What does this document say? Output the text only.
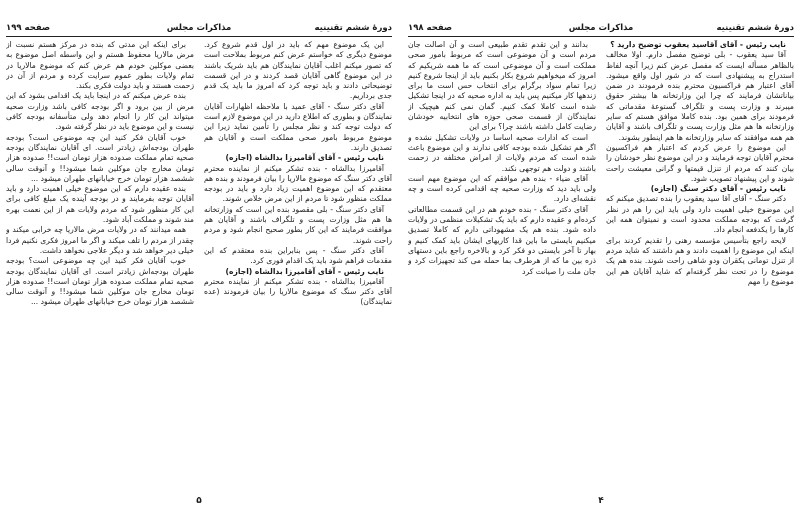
دورهٔ ششم تقنینیه
مذاکرات مجلس
صفحه ۱۹۹

این یک موضوع مهم که باید در اول قدم شروع کرد. موضوع دیگری که خواستم عرض کنم مربوط بملاحت است که تصور میکنم اغلب آقایان نمایندگان هم باید شریک باشند در این موضوع گاهی آقایان قصد کردند و در این قسمت توضیحاتی دادند و باید توجه کرد که امروز ما باید یک قدم جدی برداریم.

آقای دکتر سنگ - آقای عمید با ملاحظه اظهارات آقایان نمایندگان و بطوری که اطلاع دارید در این موضوع لازم است که دولت توجه کند و نظر مجلس را تأمین نماید زیرا این موضوع مربوط بامور صحی مملکت است و آقایان هم تصدیق دارند.

نایب رئیس - آقای آقامیرزا بدالشاه (اجازه)

آقامیرزا بدالشاه - بنده تشکر میکنم از نماینده محترم آقای دکتر سنگ که موضوع مالاریا را بیان فرمودند و بنده هم معتقدم که این موضوع اهمیت زیاد دارد و باید در بودجه مملکت منظور شود تا مردم از این مرض خلاص شوند.

آقای دکتر سنگ - بلی مقصود بنده این است که وزارتخانه ها هم مثل وزارت پست و تلگراف باشند و آقایان هم موافقت فرمایند که این کار بطور صحیح انجام شود و مردم راحت شوند.

آقای دکتر سنگ - پس بنابراین بنده معتقدم که این مقدمات فراهم شود باید یک اقدام فوری کرد.

نایب رئیس - آقای آقامیرزا بدالشاه (اجازه)

آقامیرزا بدالشاه - بنده تشکر میکنم از نماینده محترم آقای دکتر سنگ که موضوع مالاریا را بیان فرمودند (عده نمایندگان)

برای اینکه این مدتی که بنده در مرکز هستم نسبت از مرض مالاریا محفوظ هستم و این واسطه اصل موضوع به بعضی موکلین خودم هم عرض کنم که موضوع مالاریا در تمام ولایات بطور عموم سرایت کرده و مردم از آن در زحمت هستند و باید دولت فکری بکند.

بنده عرض میکنم که در اینجا باید یک اقدامی بشود که این مرض از بین برود و اگر بودجه کافی باشد وزارت صحیه میتواند این کار را انجام دهد ولی متأسفانه بودجه کافی نیست و این موضوع باید در نظر گرفته شود.

خوب آقایان فکر کنید این چه موضوعی است؟ بودجه طهران بودجه‌اش زیادتر است. ای آقایان نمایندگان بودجه صحیه تمام مملکت صدوده هزار تومان است!! صدوده هزار تومان مخارج جان موکلین شما میشود!! و آنوقت سالی ششصد هزار تومان خرج خیابانهای طهران میشود ...

بنده عقیده دارم که این موضوع خیلی اهمیت دارد و باید آقایان توجه بفرمایند و در بودجه آینده یک مبلغ کافی برای این کار منظور شود که مردم ولایات هم از این نعمت بهره مند شوند و مملکت آباد شود.

همه میدانند که در ولایات مرض مالاریا چه خرابی میکند و چقدر از مردم را تلف میکند و اگر ما امروز فکری نکنیم فردا خیلی دیر خواهد شد و دیگر علاجی نخواهد داشت.

خوب آقایان فکر کنید این چه موضوعی است؟ بودجه طهران بودجه‌اش زیادتر است. ای آقایان نمایندگان بودجه صحیه تمام مملکت صدوده هزار تومان است!! صدوده هزار تومان مخارج جان موکلین شما میشود!! و آنوقت سالی ششصد هزار تومان خرج خیابانهای طهران میشود ...

۵
دورهٔ ششم تقنینیه
مذاکرات مجلس
صفحه ۱۹۸

نایب رئیس - آقای آقاسید یعقوب توضیح دارید ؟

آقا سید یعقوب - بلی توضیح مفصل دارم. اولا مخالف بالظاهر مسأله ایست که مفصل عرض کنم زیرا آنچه لفاظ استدراج به پیشنهادی است که در شور اول واقع میشود. آقای اعتبار هم فراکسیون محترم بنده فرمودند در ضمن بیاناتشان فرمایند که چرا این وزارتخانه ها بیشتر حقوق میبرند و وزارت پست و تلگراف گستوعهٔ مقدماتی که فرمودند برای همین بود. بنده کاملا موافق هستم که سایر وزارتخانه ها هم مثل وزارت پست و تلگراف باشند و آقایان هم همه موافقند که سایر وزارتخانه ها هم اینطور بشوند.

این موضوع را عرض کردم که اعتبار هم فراکسیون محترم آقایان توجه فرمایند و در این موضوع نظر خودشان را بیان کنند که مردم از تنزل قیمتها و گرانی معیشت راحت شوند و این پیشنهاد تصویب شود.

نایب رئیس - آقای دکتر سنگ (اجازه)

دکتر سنگ - آقای آقا سید یعقوب را بنده تصدیق میکنم که این موضوع خیلی اهمیت دارد ولی باید این را هم در نظر گرفت که بودجه مملکت محدود است و نمیتوان همه این کارها را یکدفعه انجام داد.

لایحه راجع بتأسیس مؤسسه رهنی را تقدیم کردند برای اینکه این موضوع را اهمیت دادند و هم داشتند که شاید مردم از تنزل تومانی یکقران ودو شاهی راحت شوند. بنده هم یک موضوع را در تحت نظر گرفته‌ام که شاید آقایان هم این موضوع را مهم

بدانند و این تقدم تقدم طبیعی است و آن اصالت جان مردم است و آن موضوعی است که مربوط بامور صحی مملکت است و آن موضوعی است که ما همه شریکیم که امروز که میخواهیم شروع بکار بکنیم باید از اینجا شروع کنیم زیرا تمام سواد برگرام برای انتخاب حس است ما برای زندهها کار میکنیم پس باید به اداره صحیه که در اینجا تشکیل شده است کاملا کمک کنیم. گمان نمی کنم هیچیک از نمایندگان از قسمت صحی حوزه های انتخابیه خودشان رضایت کامل داشته باشند چرا؟ برای این

است که ادارات صحیه اساسا در ولایات تشکیل نشده و اگر هم تشکیل شده بودجه کافی ندارند و این موضوع باعث شده است که مردم ولایات از امراض مختلفه در زحمت باشند و دولت هم توجهی نکند.

آقای ضیاء - بنده هم موافقم که این موضوع مهم است ولی باید دید که وزارت صحیه چه اقدامی کرده است و چه نقشه‌ای دارد.

آقای دکتر سنگ - بنده خودم هم در این قسمت مطالعاتی کرده‌ام و عقیده دارم که باید یک تشکیلات منظمی در ولایات داده شود. بنده هم یک مشهوداتی دارم که کاملا تصدیق میکنیم بایستی ما باین قدا کاریهای ایشان باید کمک کنیم و بهار تا آخر بایستی دو فکر کرد و بالاخره راجع باین دستهای ذره بین ما که از هرطرف بما حمله می کند تجهیزات کرد و جان ملت را صیانت کرد

۴
